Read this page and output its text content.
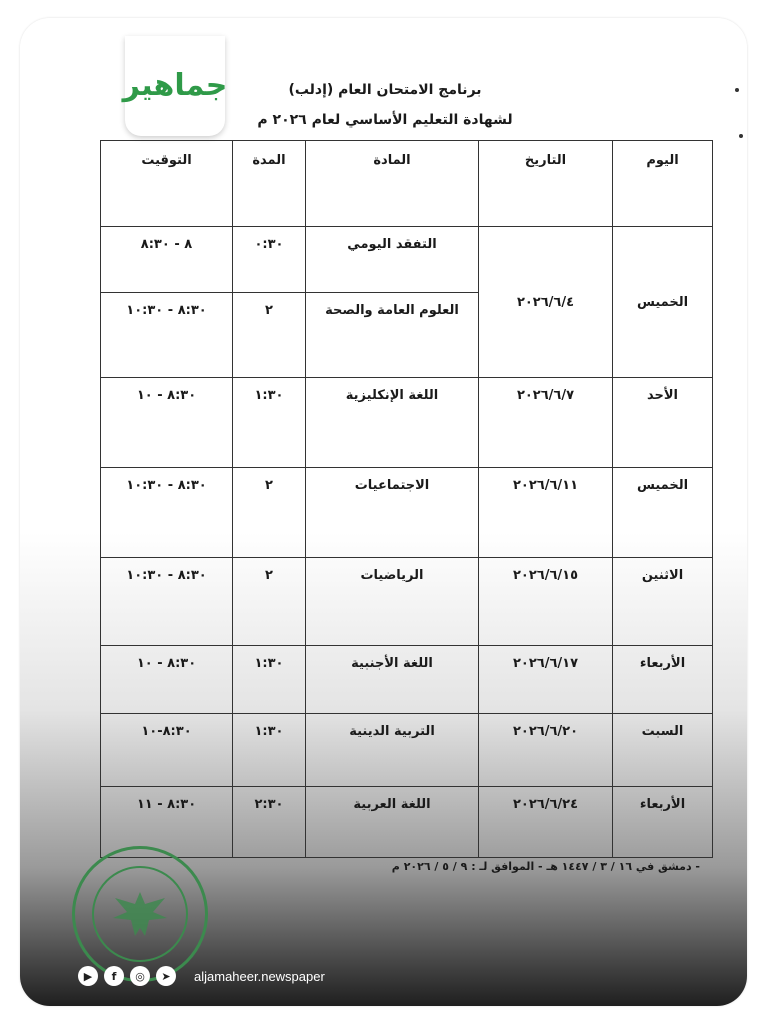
جماهير	برنامج الامتحان العام (إدلب)
لشهادة التعليم الأساسي لعام ٢٠٢٦ م
اليوم	التاريخ	المادة	المدة	التوقيت
الخميس	٢٠٢٦/٦/٤	التفقد اليومي	٠:٣٠	٨ - ٨:٣٠
		العلوم العامة والصحة	٢	٨:٣٠ - ١٠:٣٠
الأحد	٢٠٢٦/٦/٧	اللغة الإنكليزية	١:٣٠	٨:٣٠ - ١٠
الخميس	٢٠٢٦/٦/١١	الاجتماعيات	٢	٨:٣٠ - ١٠:٣٠
الاثنين	٢٠٢٦/٦/١٥	الرياضيات	٢	٨:٣٠ - ١٠:٣٠
الأربعاء	٢٠٢٦/٦/١٧	اللغة الأجنبية	١:٣٠	٨:٣٠ - ١٠
السبت	٢٠٢٦/٦/٢٠	التربية الدينية	١:٣٠	٨:٣٠-١٠
الأربعاء	٢٠٢٦/٦/٢٤	اللغة العربية	٢:٣٠	٨:٣٠ - ١١
- دمشق في ١٦ / ٣ / ١٤٤٧ هـ - الموافق لـ : ٩ / ٥ / ٢٠٢٦ م
▶	f	◎	➤	aljamaheer.newspaper
